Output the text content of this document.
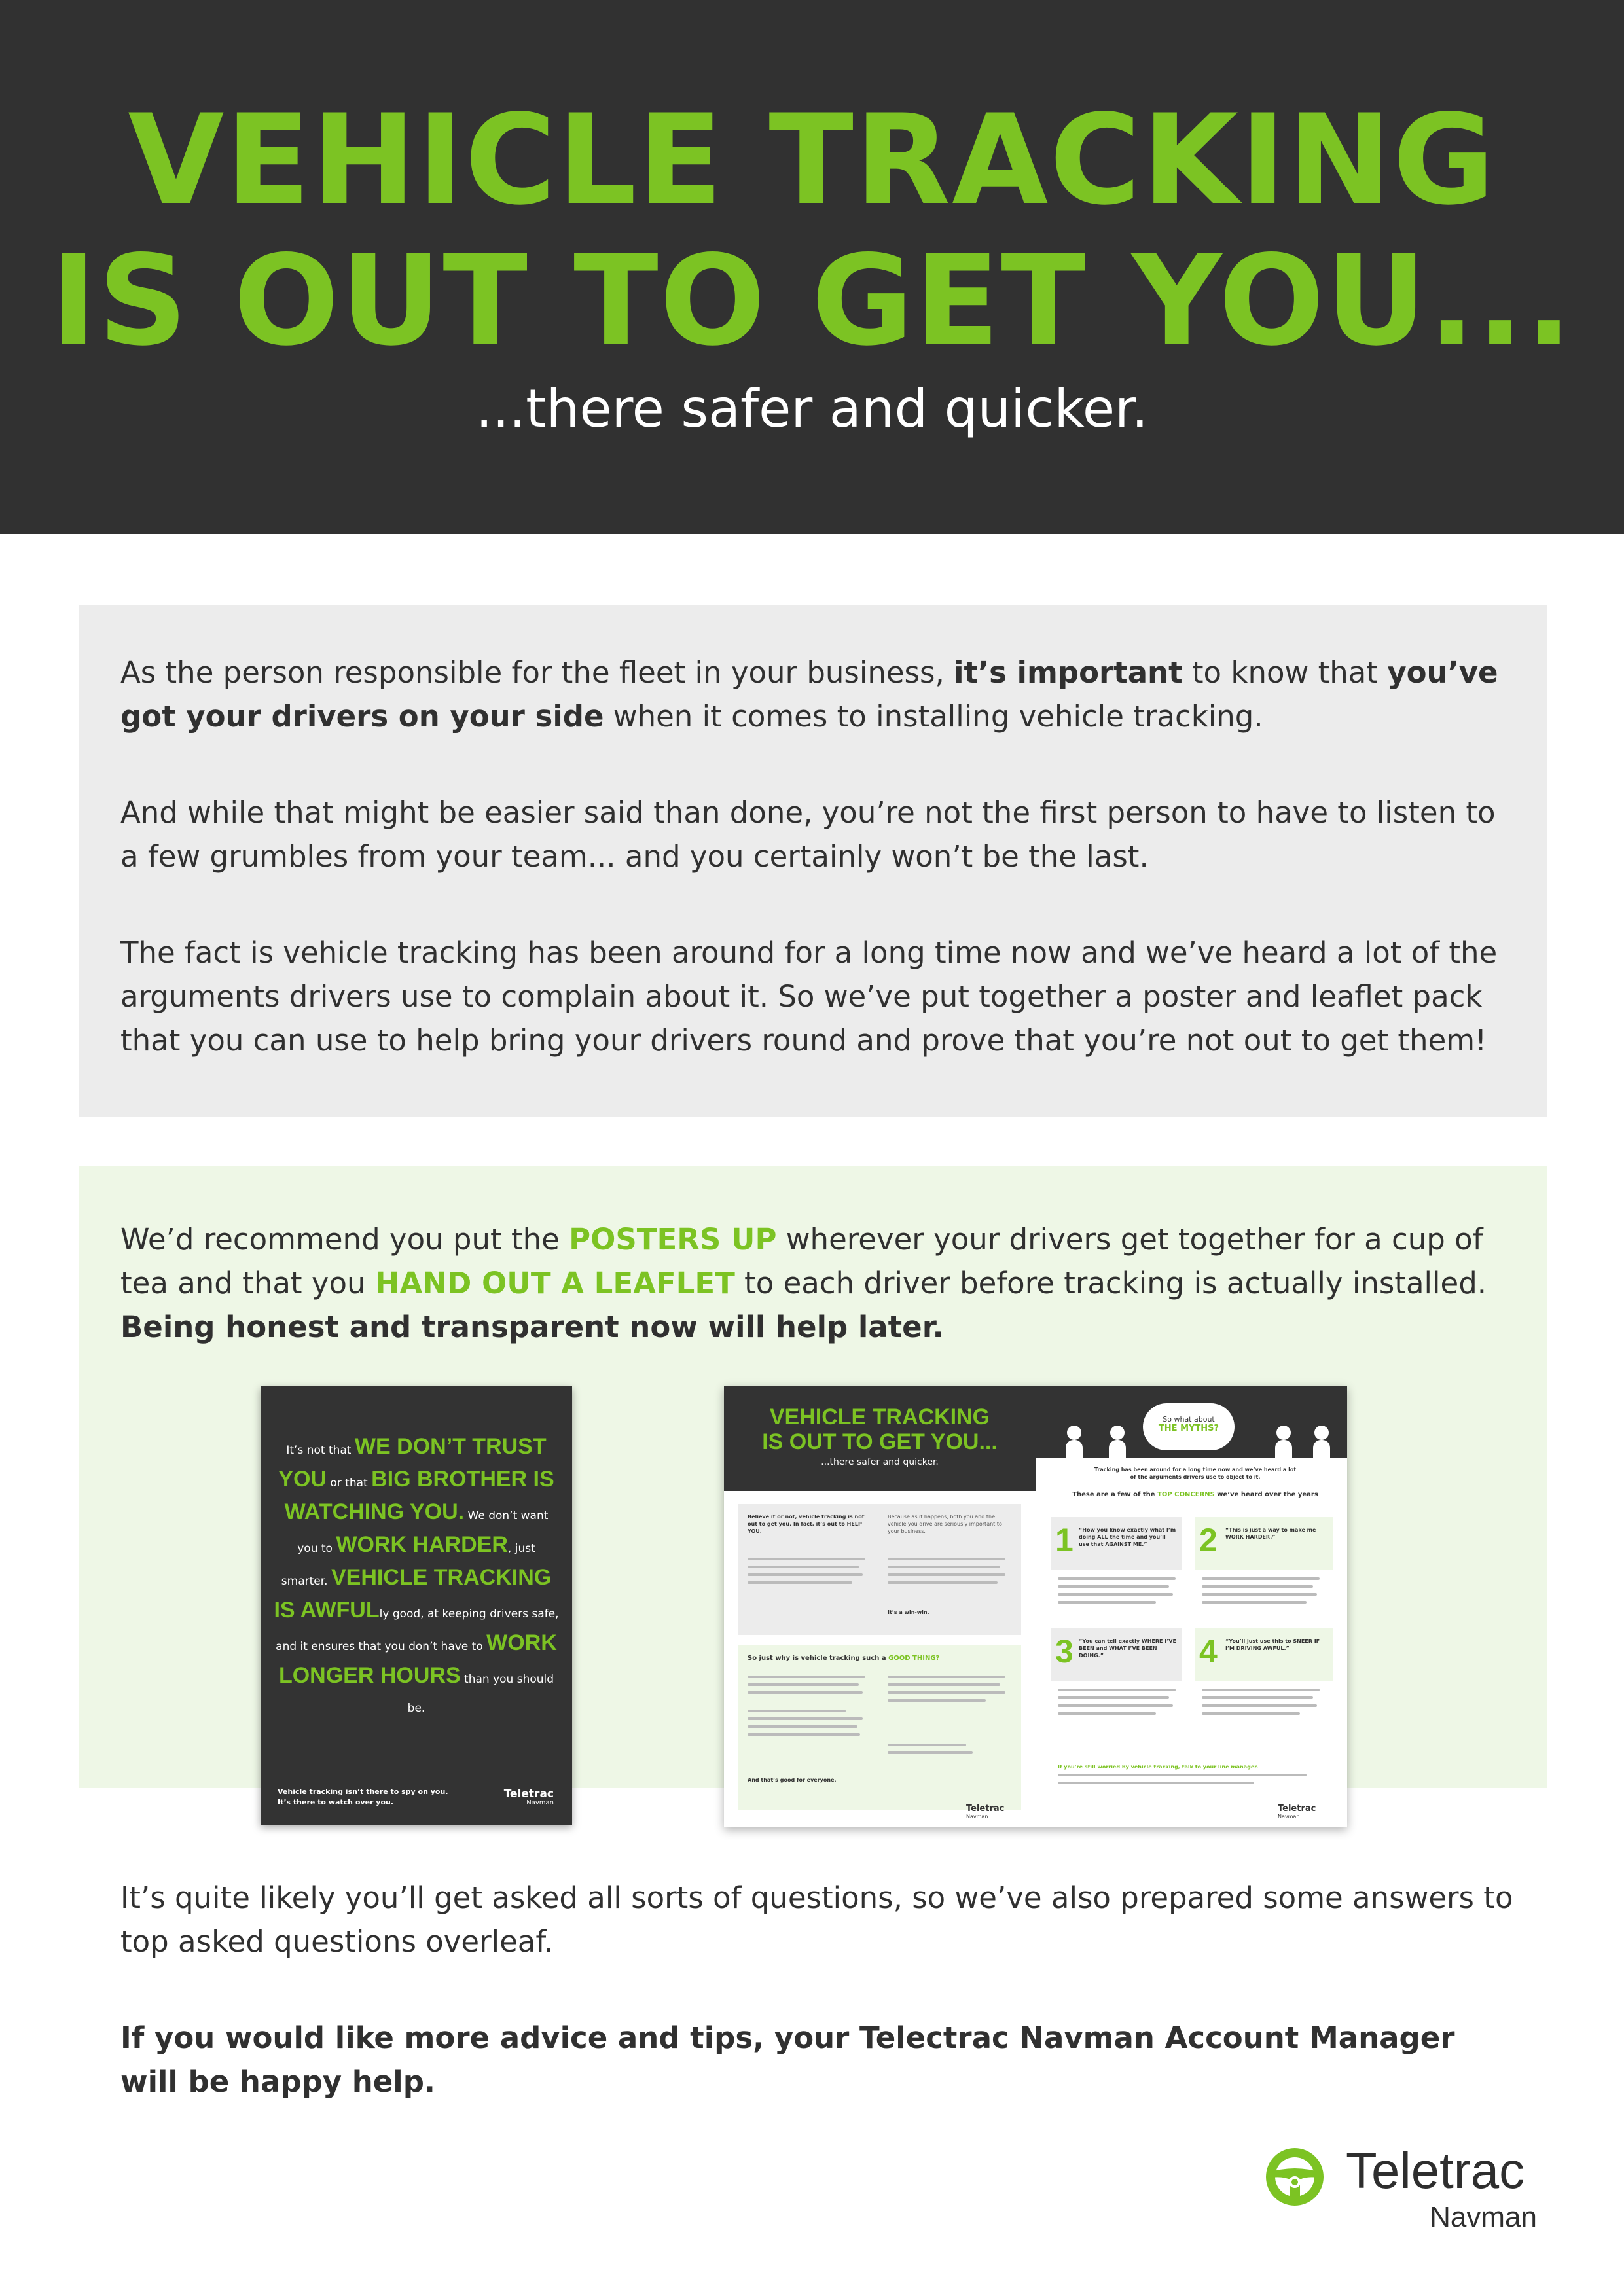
VEHICLE TRACKING
IS OUT TO GET YOU...
...there safer and quicker.

As the person responsible for the fleet in your business, it’s important to know that you’ve got your drivers on your side when it comes to installing vehicle tracking.

And while that might be easier said than done, you’re not the first person to have to listen to a few grumbles from your team... and you certainly won’t be the last.

The fact is vehicle tracking has been around for a long time now and we’ve heard a lot of the arguments drivers use to complain about it. So we’ve put together a poster and leaflet pack that you can use to help bring your drivers round and prove that you’re not out to get them!

We’d recommend you put the POSTERS UP wherever your drivers get together for a cup of tea and that you HAND OUT A LEAFLET to each driver before tracking is actually installed. Being honest and transparent now will help later.

It’s not that WE DON’T TRUST YOU or that BIG BROTHER IS WATCHING YOU. We don’t want you to WORK HARDER, just smarter. VEHICLE TRACKING IS AWFULly good, at keeping drivers safe, and it ensures that you don’t have to WORK LONGER HOURS than you should be.
Vehicle tracking isn’t there to spy on you.
It’s there to watch over you.
Teletrac
Navman
VEHICLE TRACKING
IS OUT TO GET YOU...
...there safer and quicker.
So what about
THE MYTHS?
Tracking has been around for a long time now and we’ve heard a lot
of the arguments drivers use to object to it.
These are a few of the TOP CONCERNS we’ve heard over the years
Believe it or not, vehicle tracking is not out to get you. In fact, it’s out to HELP YOU.
Because as it happens, both you and the vehicle you drive are seriously important to your business.
It’s a win-win.
So just why is vehicle tracking such a GOOD THING?
And that’s good for everyone.
Teletrac
Navman
1 “How you know exactly what I’m doing ALL the time and you’ll use that AGAINST ME.”	2 “This is just a way to make me WORK HARDER.”
3 “You can tell exactly WHERE I’VE BEEN and WHAT I’VE BEEN DOING.”	4 “You’ll just use this to SNEER IF I’M DRIVING AWFUL.”
If you’re still worried by vehicle tracking, talk to your line manager.
Teletrac
Navman

It’s quite likely you’ll get asked all sorts of questions, so we’ve also prepared some answers to top asked questions overleaf.

If you would like more advice and tips, your Telectrac Navman Account Manager will be happy help.

Teletrac
Navman
